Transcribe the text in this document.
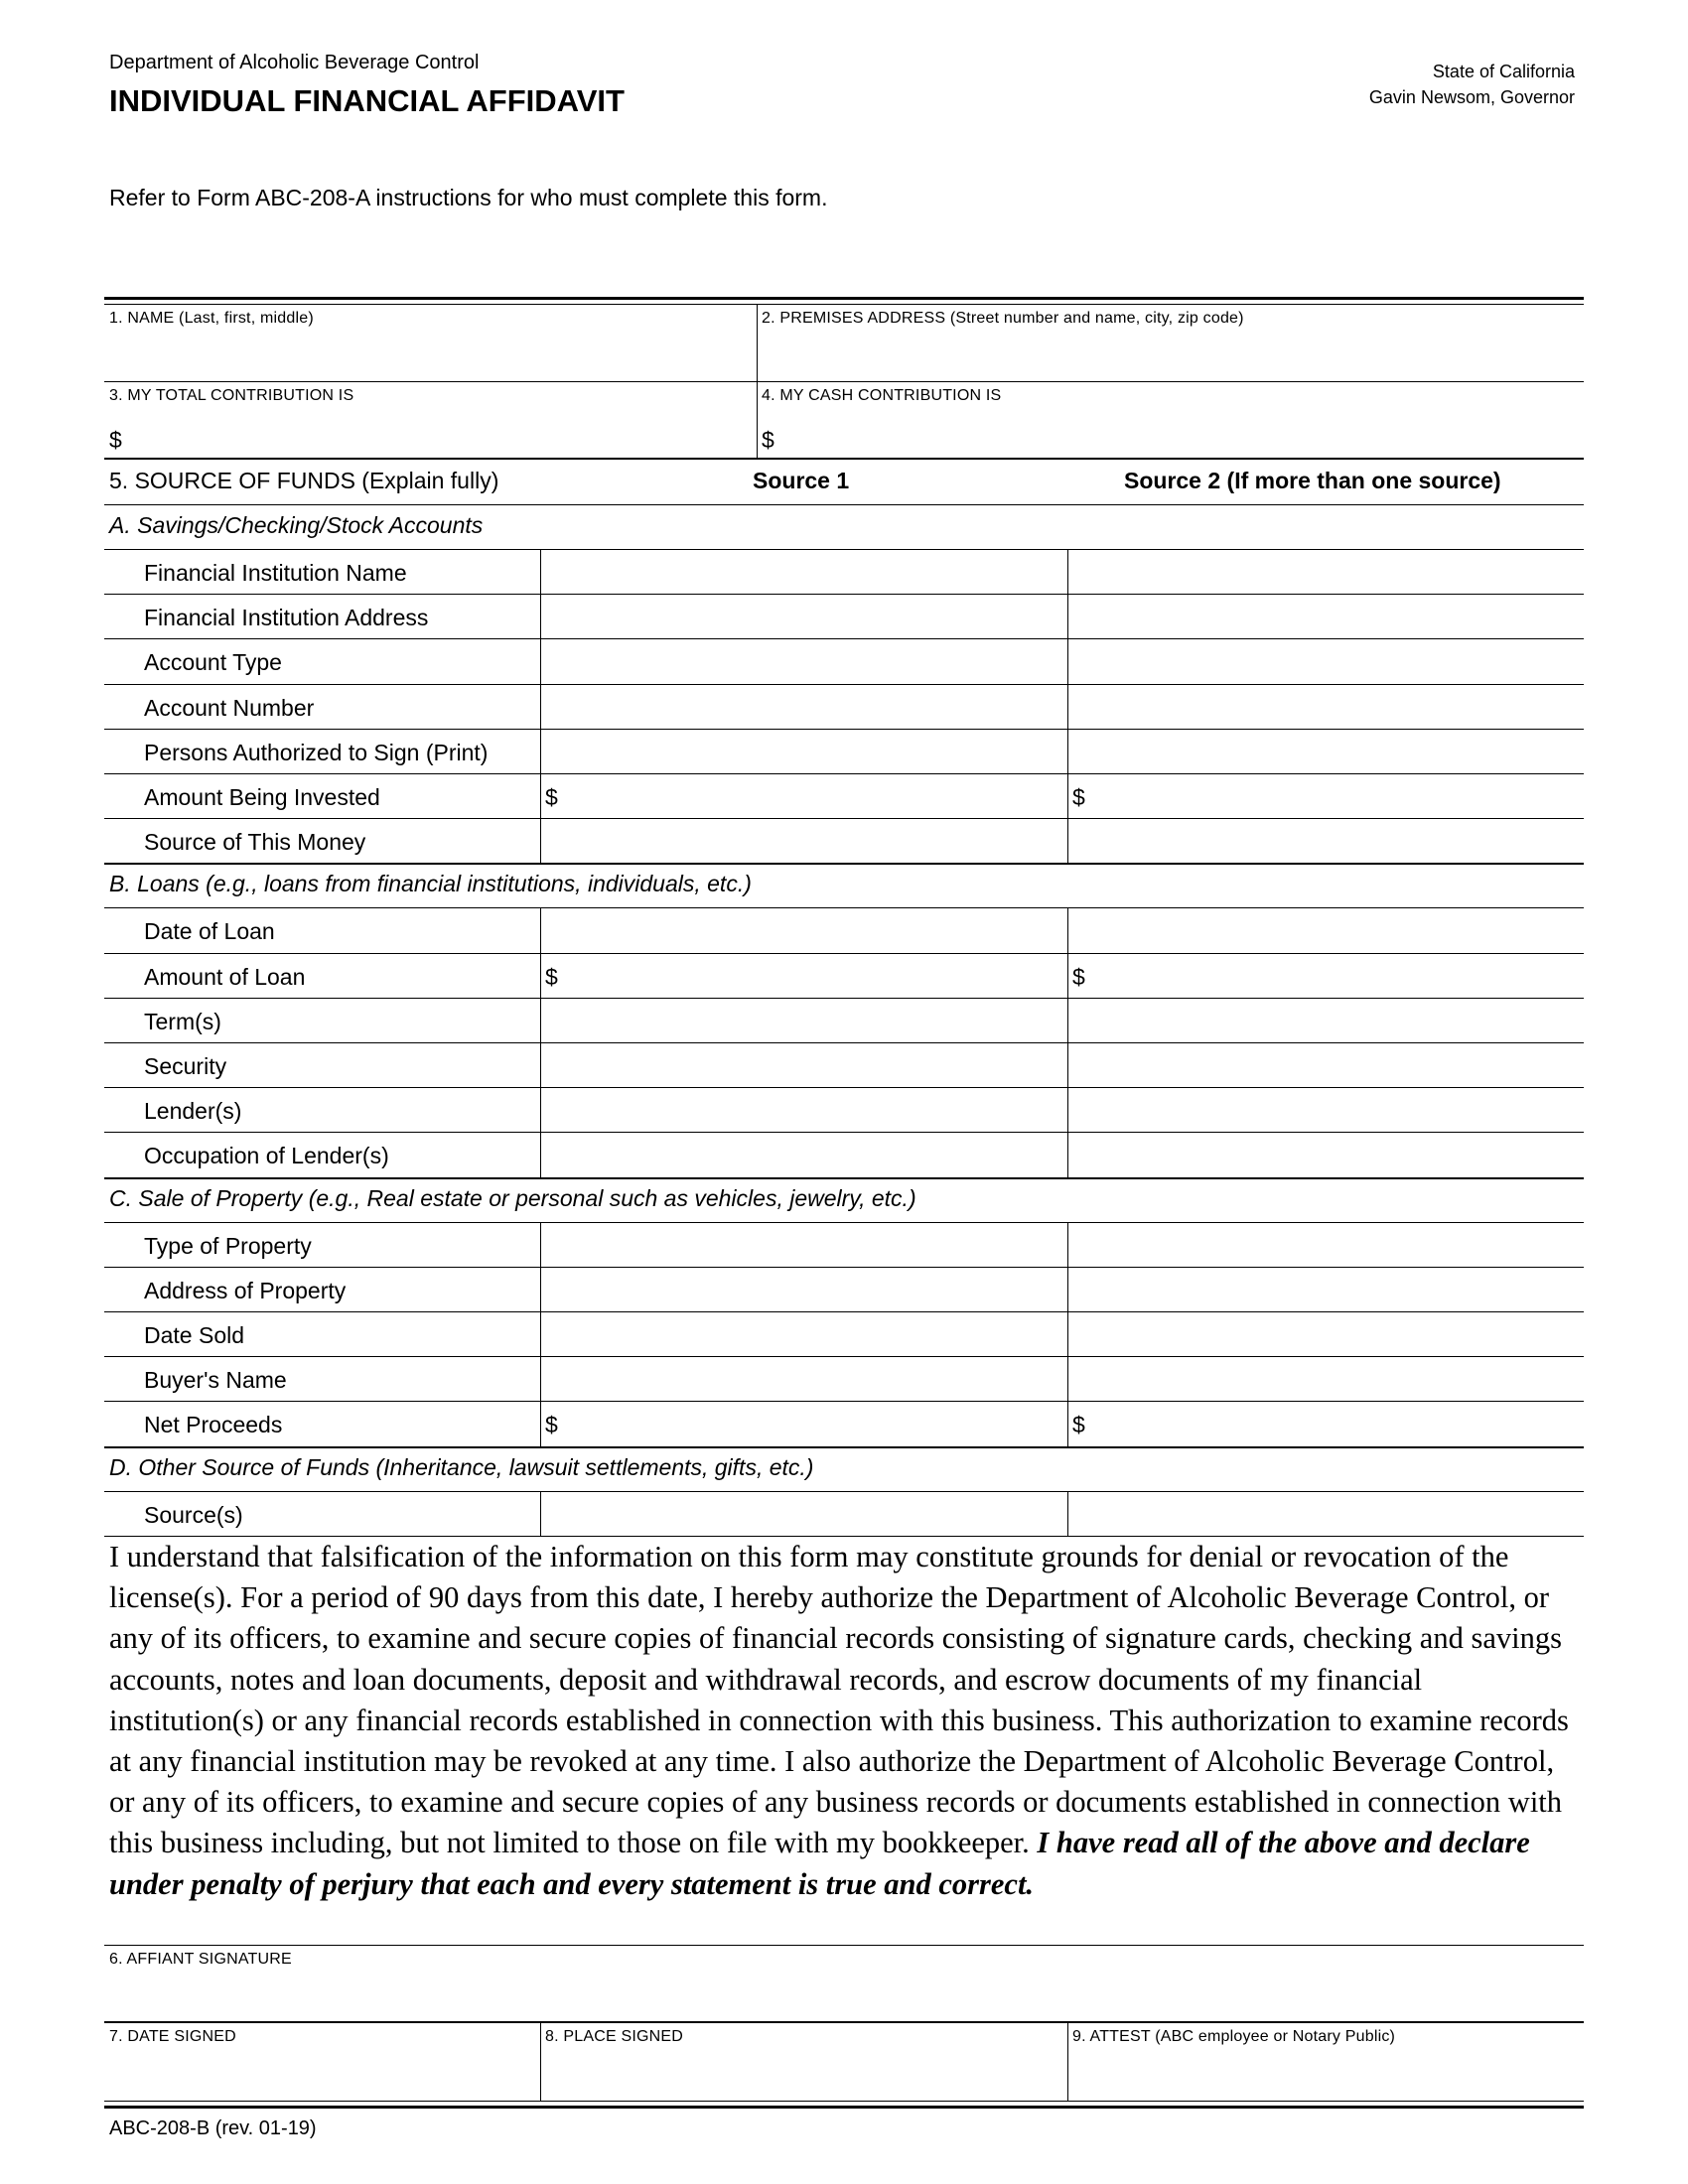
Department of Alcoholic Beverage Control
INDIVIDUAL FINANCIAL AFFIDAVIT
State of California
Gavin Newsom, Governor
Refer to Form ABC-208-A instructions for who must complete this form.
1. NAME (Last, first, middle)	2. PREMISES ADDRESS (Street number and name, city, zip code)
3. MY TOTAL CONTRIBUTION IS	4. MY CASH CONTRIBUTION IS
$	$
5. SOURCE OF FUNDS (Explain fully)	Source 1	Source 2 (If more than one source)
A. Savings/Checking/Stock Accounts
Financial Institution Name
Financial Institution Address
Account Type
Account Number
Persons Authorized to Sign (Print)
Amount Being Invested	$	$
Source of This Money
B. Loans (e.g., loans from financial institutions, individuals, etc.)
Date of Loan
Amount of Loan	$	$
Term(s)
Security
Lender(s)
Occupation of Lender(s)
C. Sale of Property (e.g., Real estate or personal such as vehicles, jewelry, etc.)
Type of Property
Address of Property
Date Sold
Buyer's Name
Net Proceeds	$	$
D. Other Source of Funds (Inheritance, lawsuit settlements, gifts, etc.)
Source(s)
I understand that falsification of the information on this form may constitute grounds for denial or revocation of the license(s). For a period of 90 days from this date, I hereby authorize the Department of Alcoholic Beverage Control, or any of its officers, to examine and secure copies of financial records consisting of signature cards, checking and savings accounts, notes and loan documents, deposit and withdrawal records, and escrow documents of my financial institution(s) or any financial records established in connection with this business. This authorization to examine records at any financial institution may be revoked at any time. I also authorize the Department of Alcoholic Beverage Control, or any of its officers, to examine and secure copies of any business records or documents established in connection with this business including, but not limited to those on file with my bookkeeper. I have read all of the above and declare under penalty of perjury that each and every statement is true and correct.
6. AFFIANT SIGNATURE
7. DATE SIGNED	8. PLACE SIGNED	9. ATTEST (ABC employee or Notary Public)
ABC-208-B (rev. 01-19)
